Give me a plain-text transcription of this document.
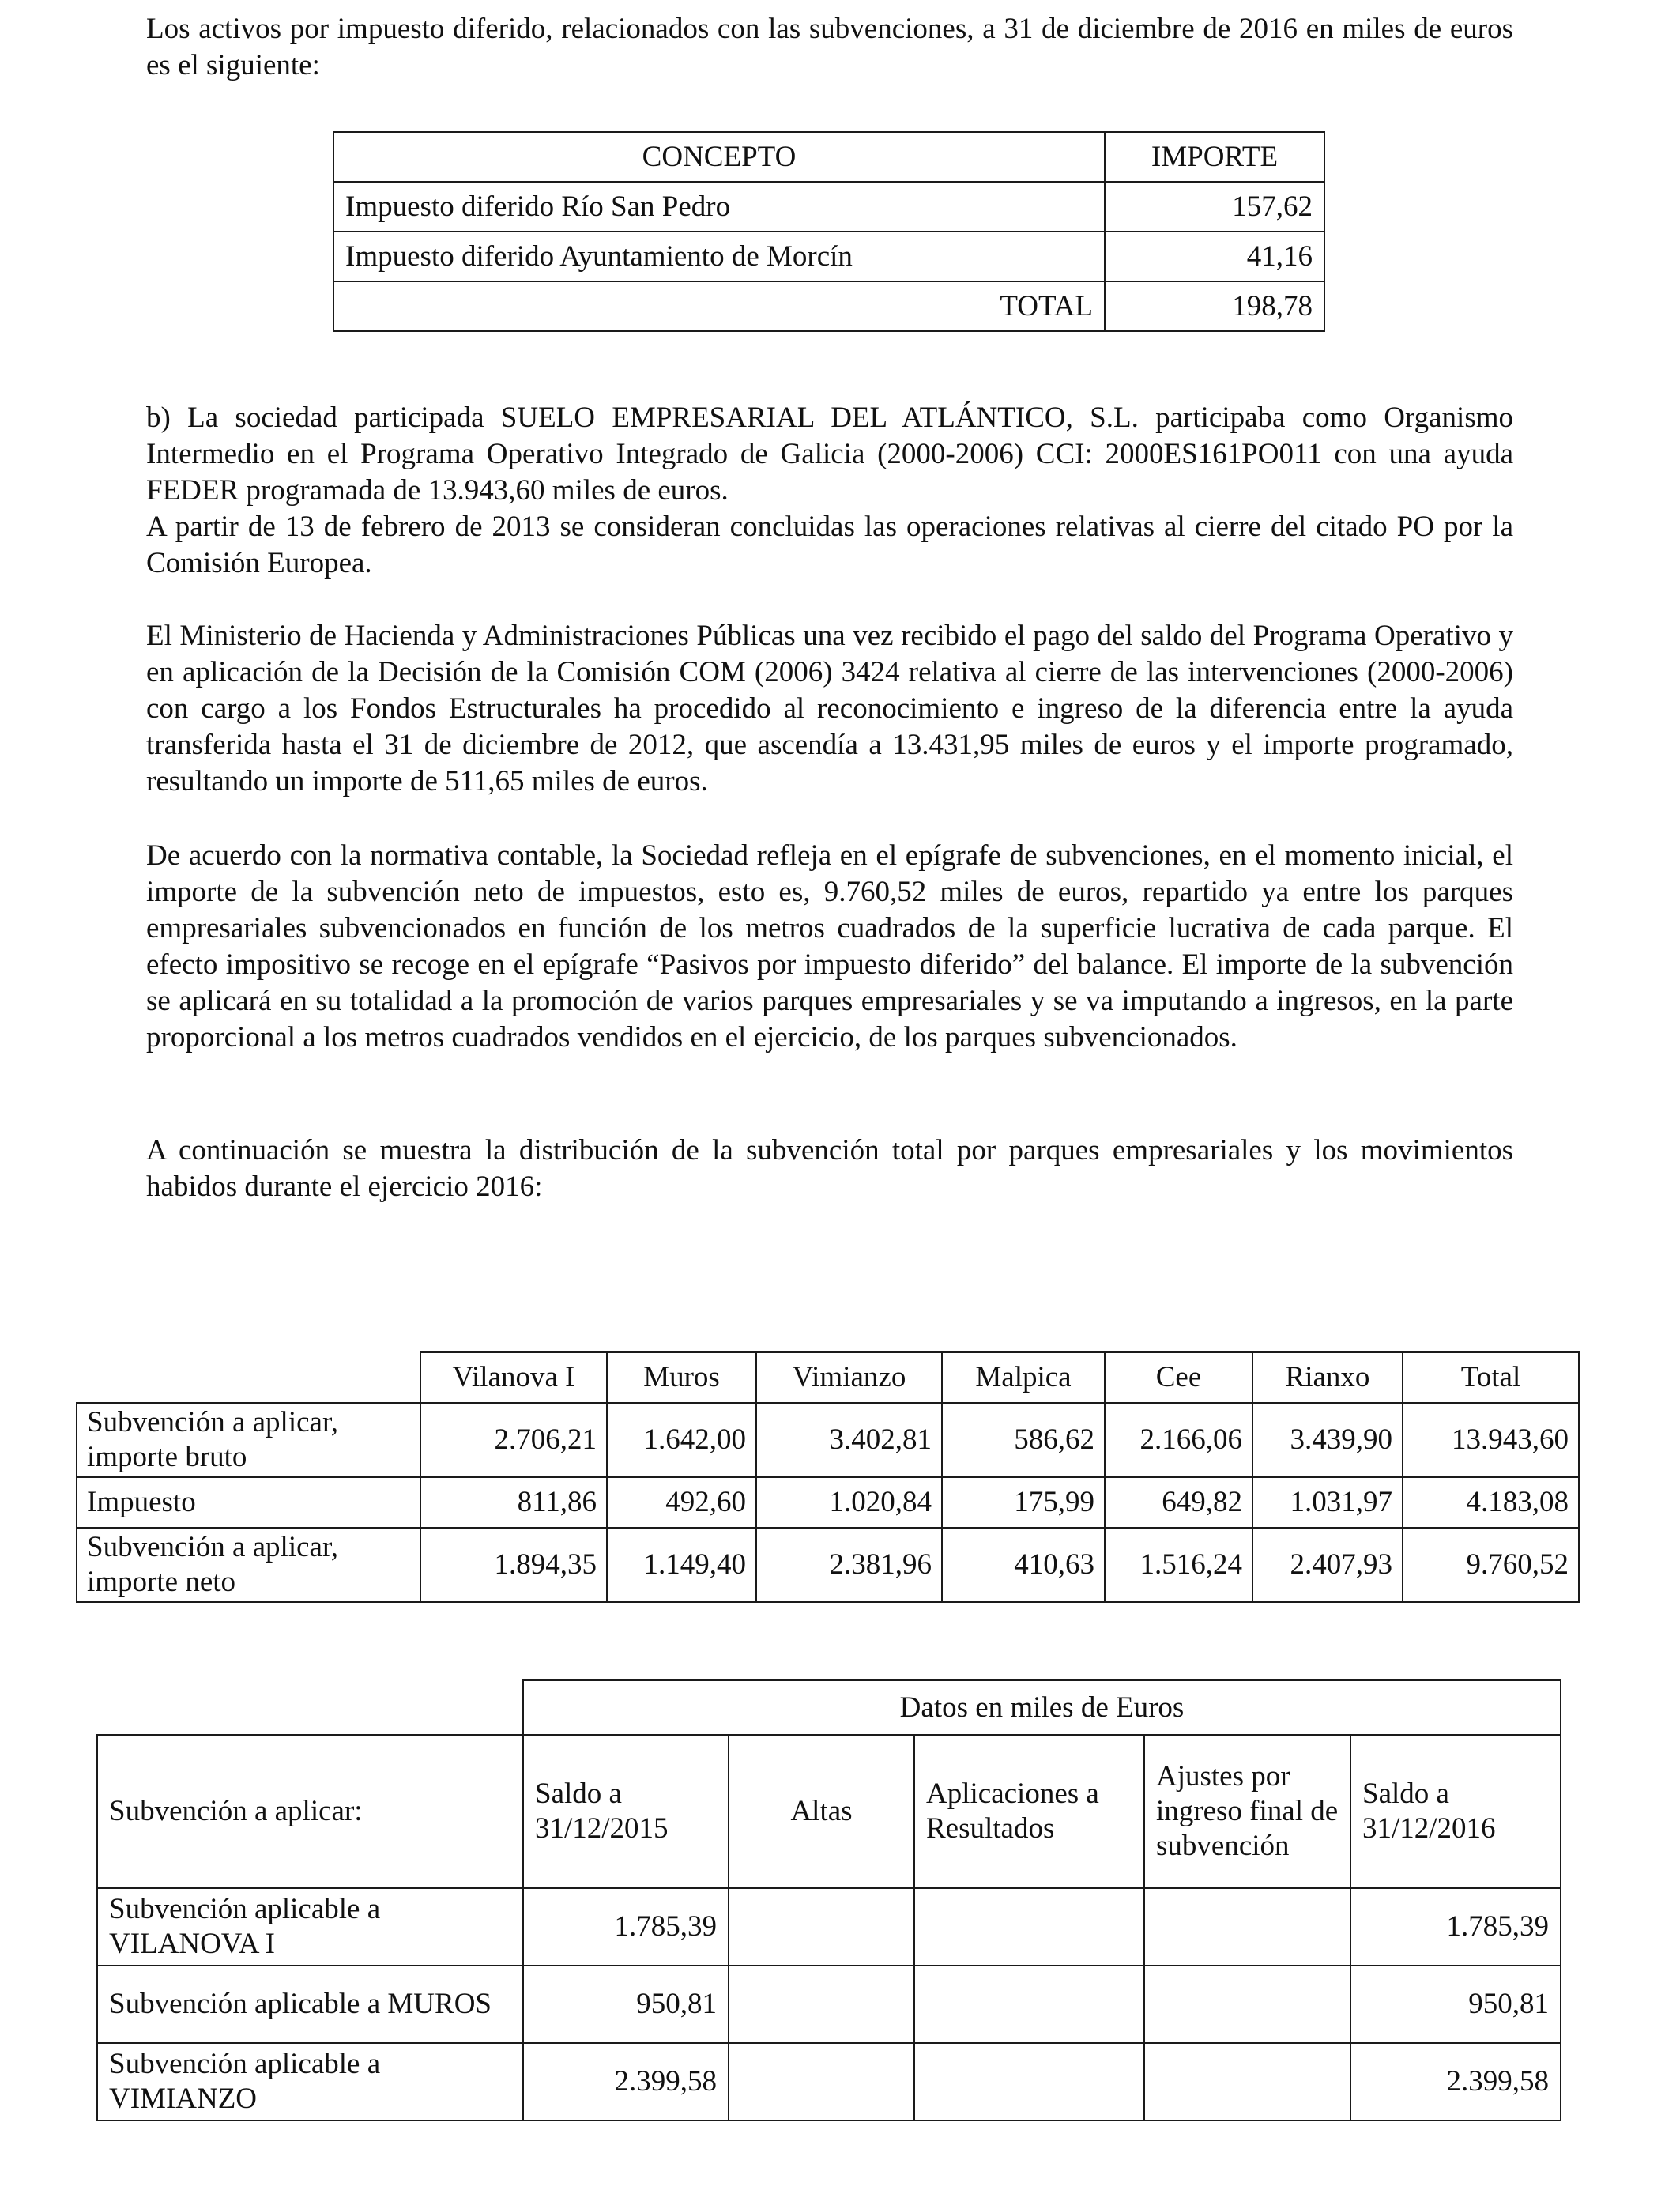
Los activos por impuesto diferido, relacionados con las subvenciones, a 31 de diciembre de 2016 en miles de euros es el siguiente:

CONCEPTO	IMPORTE
Impuesto diferido Río San Pedro	157,62
Impuesto diferido Ayuntamiento de Morcín	41,16
TOTAL	198,78

b) La sociedad participada SUELO EMPRESARIAL DEL ATLÁNTICO, S.L. participaba como Organismo Intermedio en el Programa Operativo Integrado de Galicia (2000-2006) CCI: 2000ES161PO011 con una ayuda FEDER programada de 13.943,60 miles de euros.

A partir de 13 de febrero de 2013 se consideran concluidas las operaciones relativas al cierre del citado PO por la Comisión Europea.

El Ministerio de Hacienda y Administraciones Públicas una vez recibido el pago del saldo del Programa Operativo y en aplicación de la Decisión de la Comisión COM (2006) 3424 relativa al cierre de las intervenciones (2000-2006) con cargo a los Fondos Estructurales ha procedido al reconocimiento e ingreso de la diferencia entre la ayuda transferida hasta el 31 de diciembre de 2012, que ascendía a 13.431,95 miles de euros y el importe programado, resultando un importe de 511,65 miles de euros.

De acuerdo con la normativa contable, la Sociedad refleja en el epígrafe de subvenciones, en el momento inicial, el importe de la subvención neto de impuestos, esto es, 9.760,52 miles de euros, repartido ya entre los parques empresariales subvencionados en función de los metros cuadrados de la superficie lucrativa de cada parque. El efecto impositivo se recoge en el epígrafe “Pasivos por impuesto diferido” del balance. El importe de la subvención se aplicará en su totalidad a la promoción de varios parques empresariales y se va imputando a ingresos, en la parte proporcional a los metros cuadrados vendidos en el ejercicio, de los parques subvencionados.

A continuación se muestra la distribución de la subvención total por parques empresariales y los movimientos habidos durante el ejercicio 2016:

	Vilanova I	Muros	Vimianzo	Malpica	Cee	Rianxo	Total
Subvención a aplicar, importe bruto	2.706,21	1.642,00	3.402,81	586,62	2.166,06	3.439,90	13.943,60
Impuesto	811,86	492,60	1.020,84	175,99	649,82	1.031,97	4.183,08
Subvención a aplicar, importe neto	1.894,35	1.149,40	2.381,96	410,63	1.516,24	2.407,93	9.760,52
	Datos en miles de Euros				
Subvención a aplicar:	Saldo a 31/12/2015	Altas	Aplicaciones a Resultados	Ajustes por ingreso final de subvención	Saldo a 31/12/2016
Subvención aplicable a VILANOVA I	1.785,39				1.785,39
Subvención aplicable a MUROS	950,81				950,81
Subvención aplicable a VIMIANZO	2.399,58				2.399,58
